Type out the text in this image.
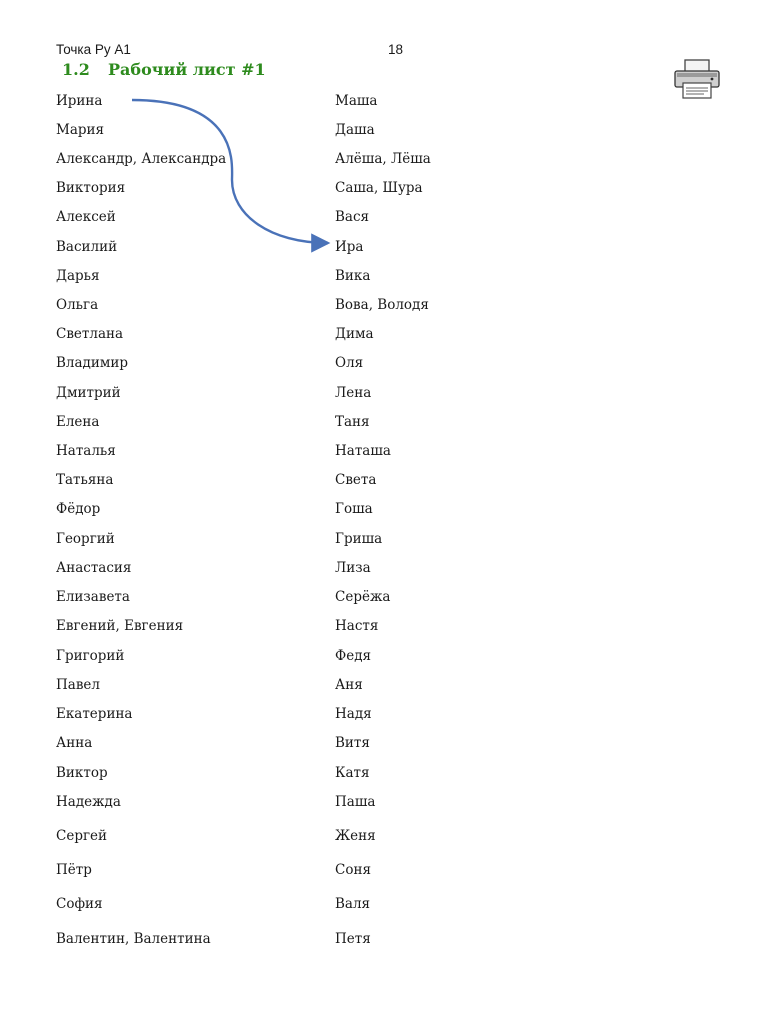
Точка Ру А1	18
1.2 Рабочий лист #1
Ирина	Маша
Мария	Даша
Александр, Александра	Алёша, Лёша
Виктория	Саша, Шура
Алексей	Вася
Василий	Ира
Дарья	Вика
Ольга	Вова, Володя
Светлана	Дима
Владимир	Оля
Дмитрий	Лена
Елена	Таня
Наталья	Наташа
Татьяна	Света
Фёдор	Гоша
Георгий	Гриша
Анастасия	Лиза
Елизавета	Серёжа
Евгений, Евгения	Настя
Григорий	Федя
Павел	Аня
Екатерина	Надя
Анна	Витя
Виктор	Катя
Надежда	Паша
Сергей	Женя
Пётр	Соня
София	Валя
Валентин, Валентина	Петя
